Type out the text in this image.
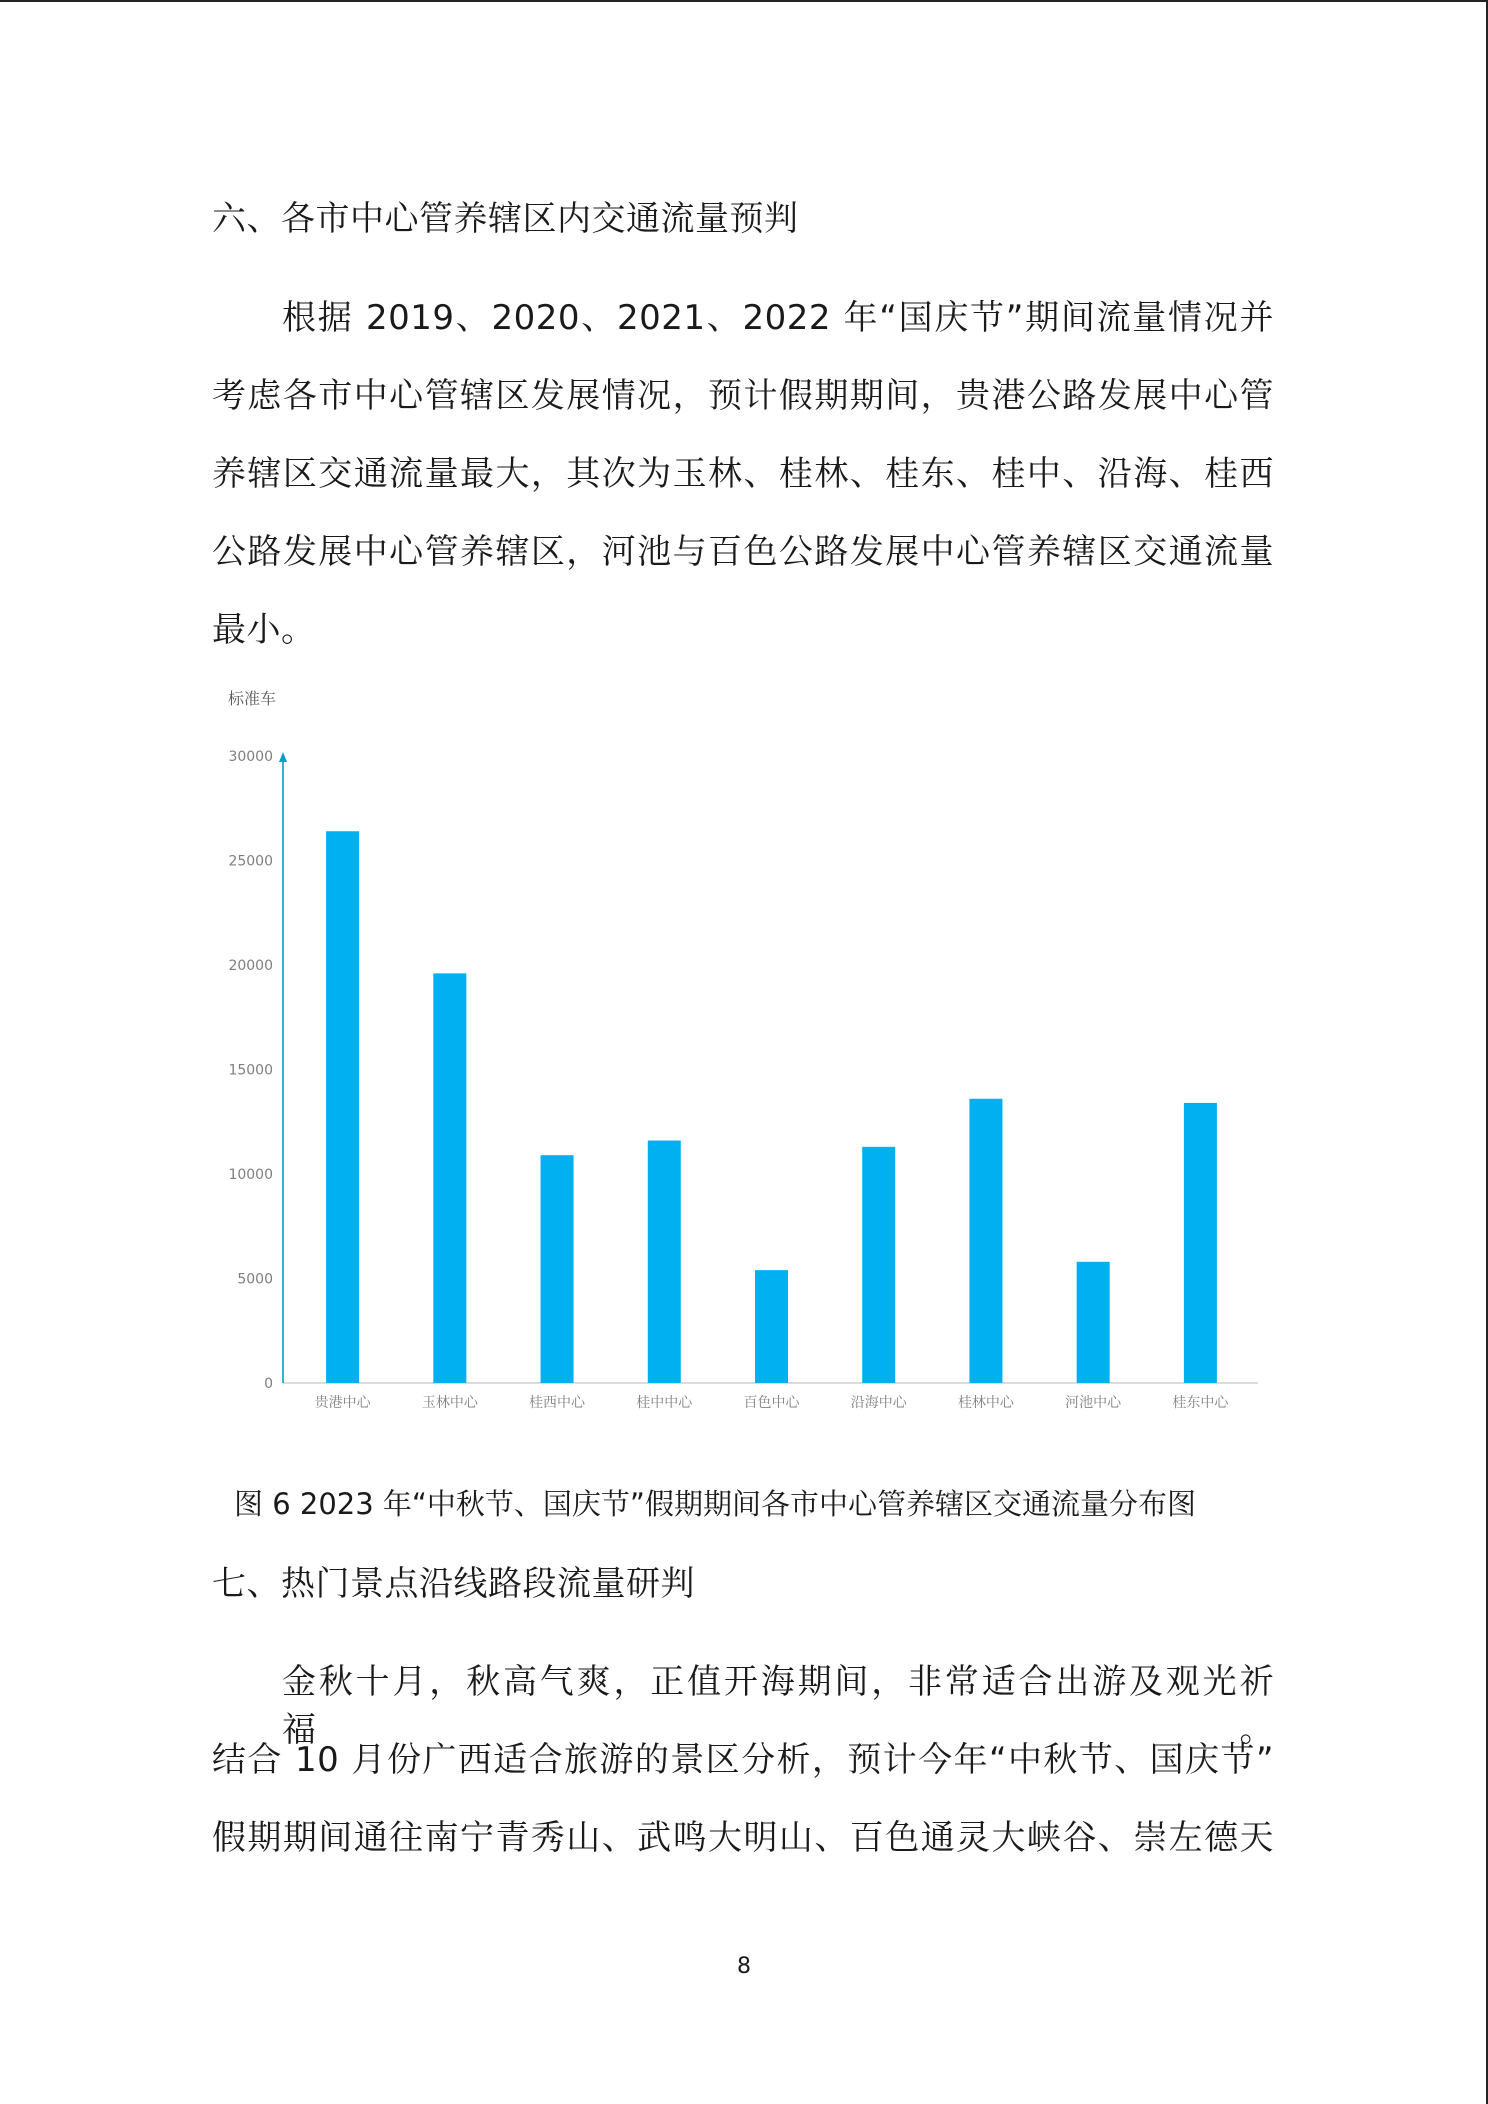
六、各市中心管养辖区内交通流量预判
根据 2019、2020、2021、2022 年“国庆节”期间流量情况并
考虑各市中心管辖区发展情况，预计假期期间，贵港公路发展中心管
养辖区交通流量最大，其次为玉林、桂林、桂东、桂中、沿海、桂西
公路发展中心管养辖区，河池与百色公路发展中心管养辖区交通流量
最小。
标准车
30000
25000
20000
15000
10000
5000
0
贵港中心	玉林中心	桂西中心	桂中中心	百色中心	沿海中心	桂林中心	河池中心	桂东中心
图 6 2023 年“中秋节、国庆节”假期期间各市中心管养辖区交通流量分布图
七、热门景点沿线路段流量研判
金秋十月，秋高气爽，正值开海期间，非常适合出游及观光祈福。
结合 10 月份广西适合旅游的景区分析，预计今年“中秋节、国庆节”
假期期间通往南宁青秀山、武鸣大明山、百色通灵大峡谷、崇左德天
8
